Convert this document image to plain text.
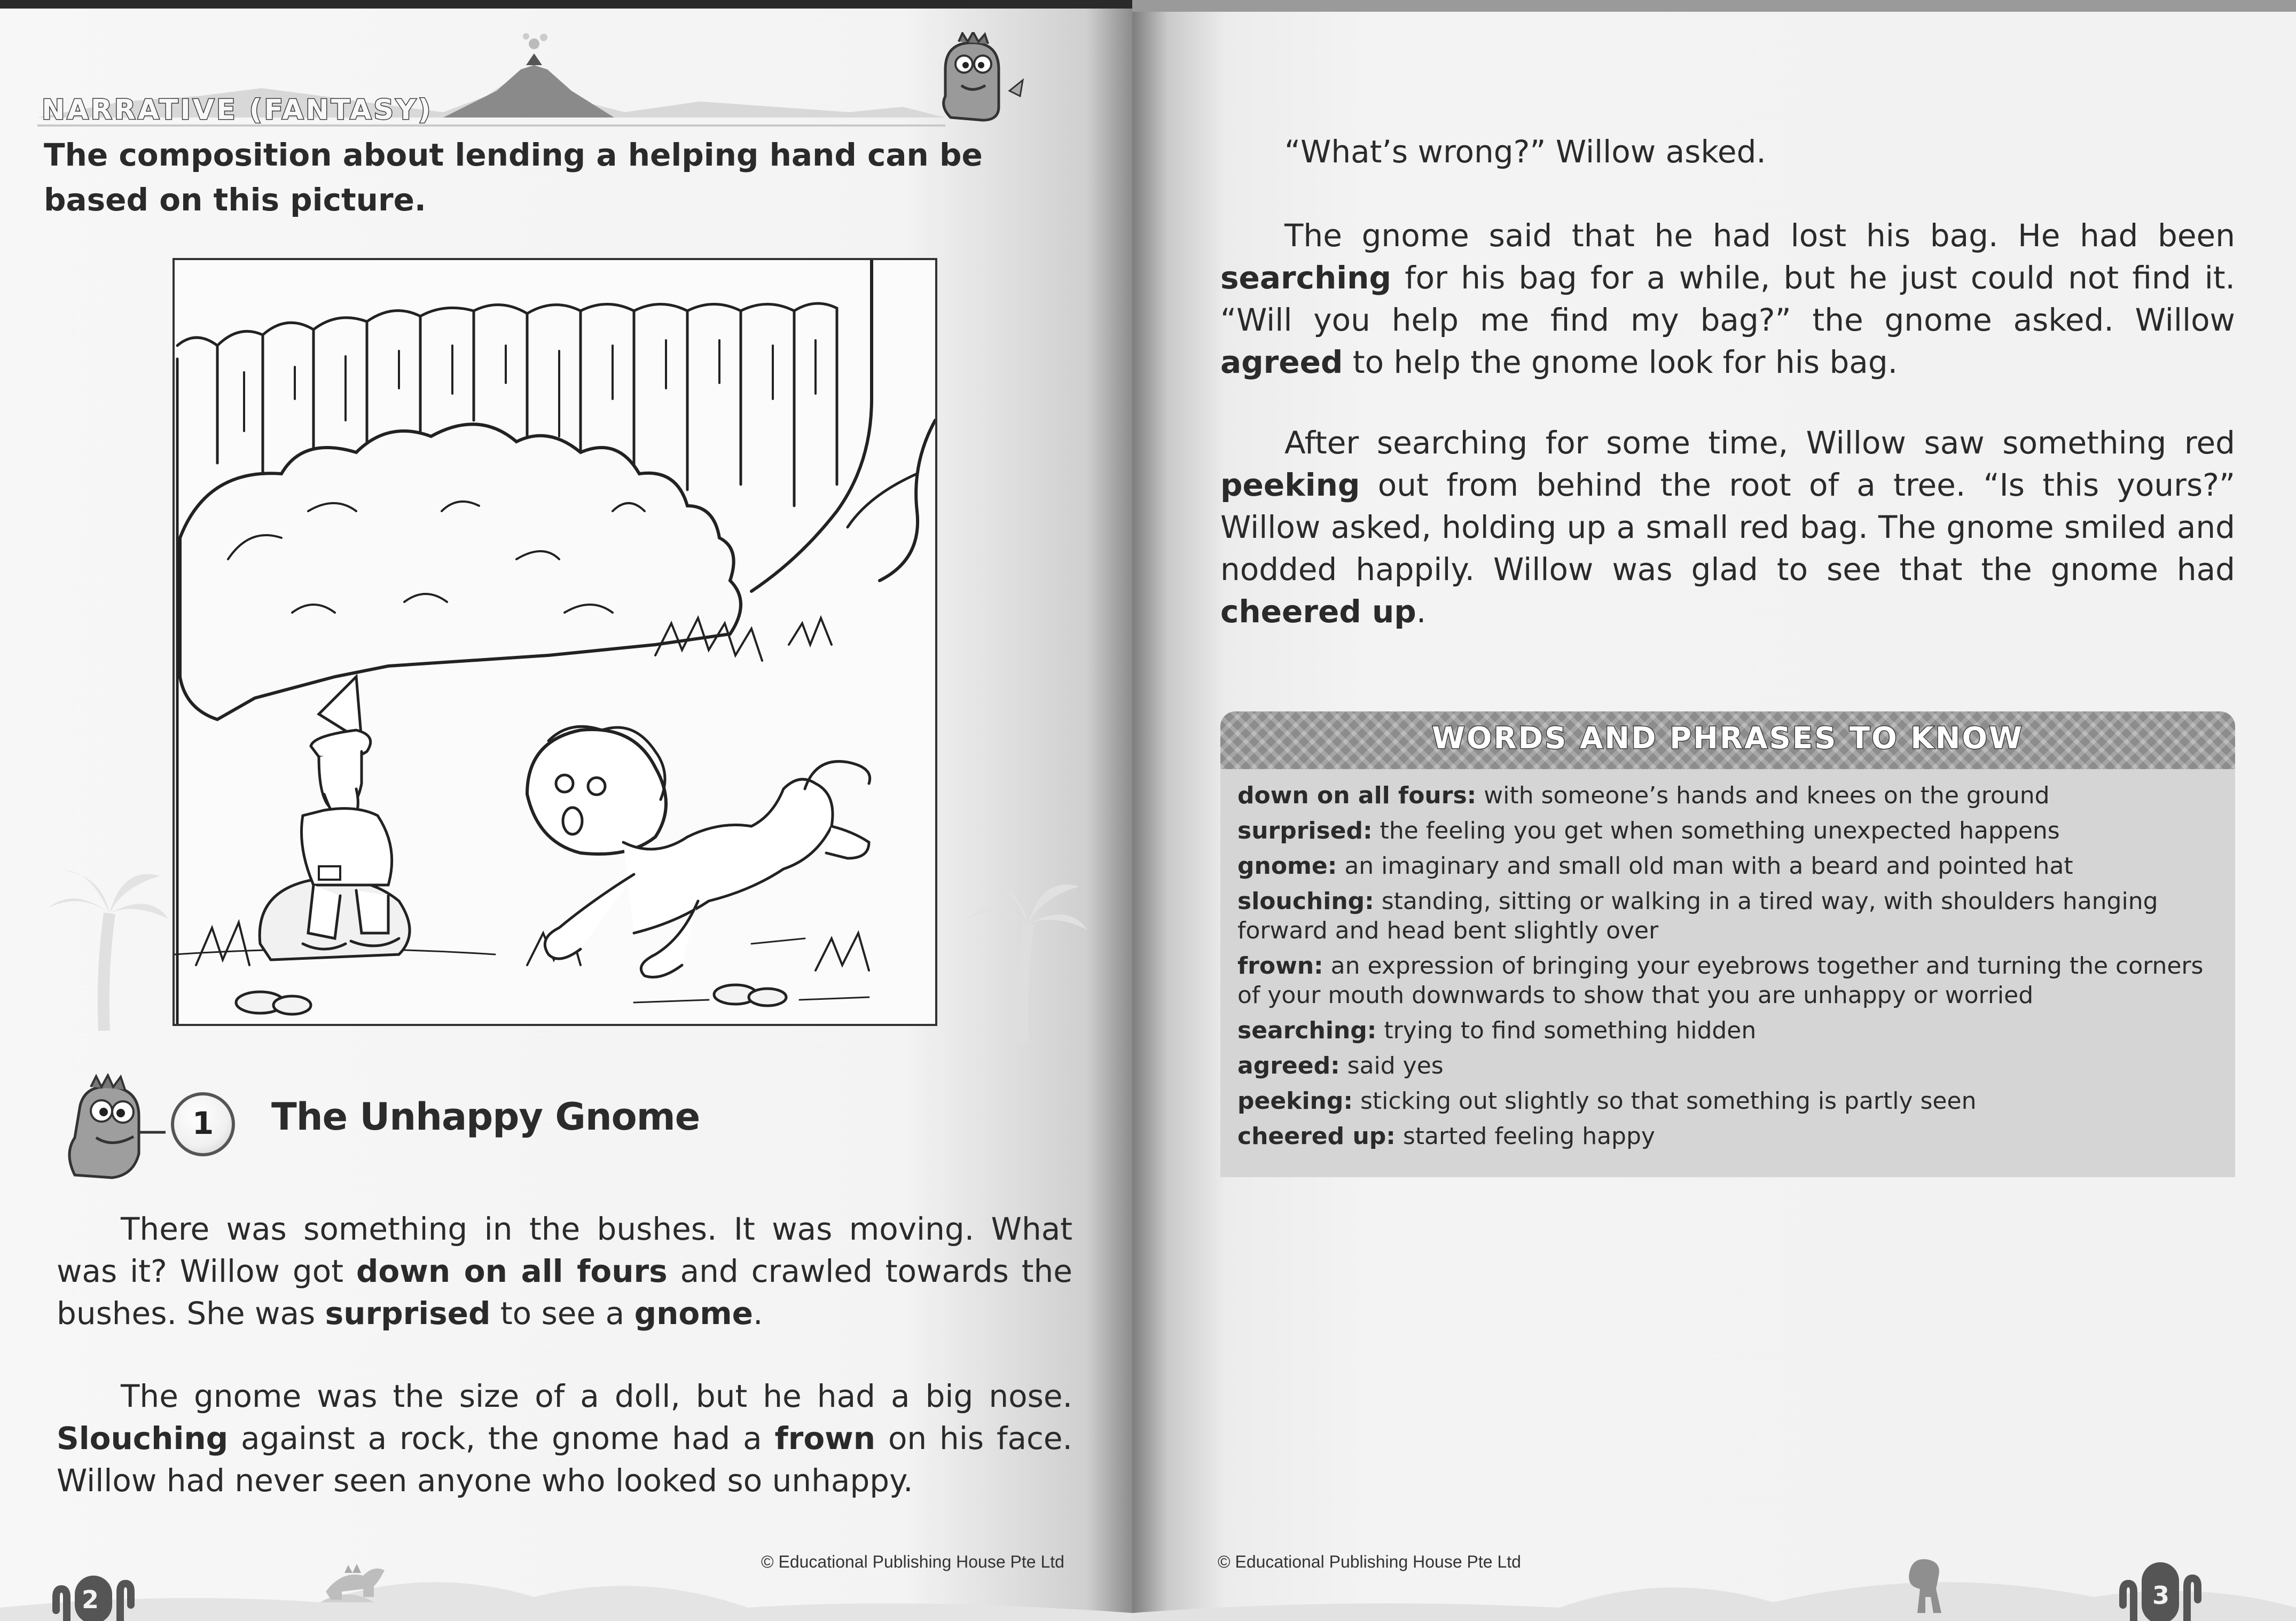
NARRATIVE (FANTASY)
The composition about lending a helping hand can be based on this picture.
1	The Unhappy Gnome
There was something in the bushes. It was moving. What was it? Willow got down on all fours and crawled towards the bushes. She was surprised to see a gnome.
The gnome was the size of a doll, but he had a big nose. Slouching against a rock, the gnome had a frown on his face. Willow had never seen anyone who looked so unhappy.
2
© Educational Publishing House Pte Ltd
“What’s wrong?” Willow asked.
The gnome said that he had lost his bag. He had been searching for his bag for a while, but he just could not find it. “Will you help me find my bag?” the gnome asked. Willow agreed to help the gnome look for his bag.
After searching for some time, Willow saw something red peeking out from behind the root of a tree. “Is this yours?” Willow asked, holding up a small red bag. The gnome smiled and nodded happily. Willow was glad to see that the gnome had cheered up.
© Educational Publishing House Pte Ltd
3
WORDS AND PHRASES TO KNOW
down on all fours: with someone’s hands and knees on the ground
surprised: the feeling you get when something unexpected happens
gnome: an imaginary and small old man with a beard and pointed hat
slouching: standing, sitting or walking in a tired way, with shoulders hanging forward and head bent slightly over
frown: an expression of bringing your eyebrows together and turning the corners of your mouth downwards to show that you are unhappy or worried
searching: trying to find something hidden
agreed: said yes
peeking: sticking out slightly so that something is partly seen
cheered up: started feeling happy
